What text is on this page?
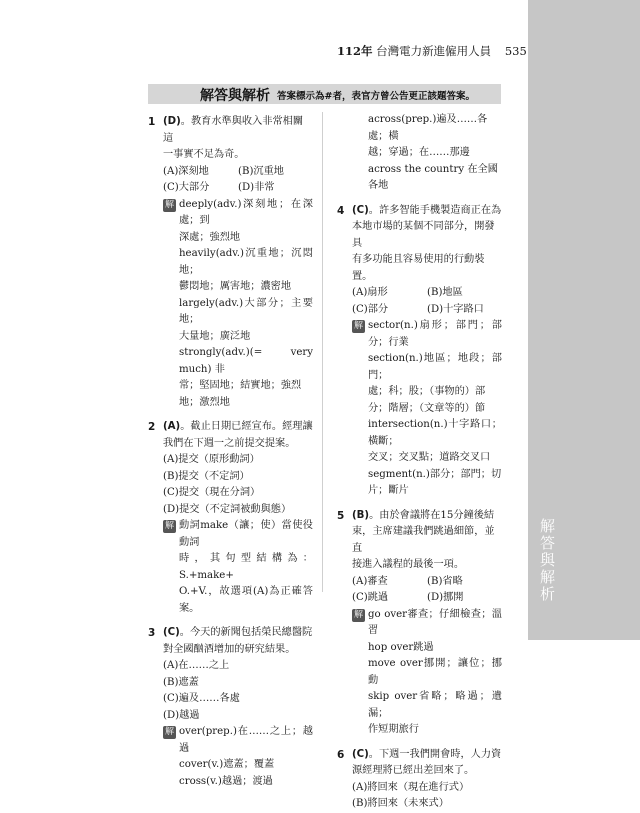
解答與解析
112年 台灣電力新進僱用人員 535
解答與解析 答案標示為#者，表官方曾公告更正該題答案。
1 (D)。教育水準與收入非常相關這
一事實不足為奇。
(A)深刻地	(B)沉重地
(C)大部分	(D)非常
解 deeply(adv.)深刻地；在深處；到
深處；強烈地
heavily(adv.)沉重地；沉悶地；
鬱悶地；厲害地；濃密地
largely(adv.)大部分；主要地；
大量地；廣泛地
strongly(adv.)(= very much) 非
常；堅固地；結實地；強烈
地；激烈地
2 (A)。截止日期已經宣布。經理讓
我們在下週一之前提交提案。
(A)提交（原形動詞）
(B)提交（不定詞）
(C)提交（現在分詞）
(D)提交（不定詞被動與態）
解 動詞make（讓；使）當使役動詞
時，其句型結構為：S.+make+
O.+V.，故選項(A)為正確答案。
3 (C)。今天的新聞包括榮民總醫院
對全國酗酒增加的研究結果。
(A)在……之上
(B)遮蓋
(C)遍及……各處
(D)越過
解 over(prep.)在……之上；越過
cover(v.)遮蓋；覆蓋
cross(v.)越過；渡過
across(prep.)遍及……各處；橫
越；穿過；在……那邊
across the country 在全國各地
4 (C)。許多智能手機製造商正在為
本地市場的某個不同部分，開發具
有多功能且容易使用的行動裝置。
(A)扇形	(B)地區
(C)部分	(D)十字路口
解 sector(n.)扇形；部門；部分；行業
section(n.)地區；地段；部門；
處；科；股；（事物的）部
分；階層；（文章等的）節
intersection(n.)十字路口；橫斷；
交叉；交叉點；道路交叉口
segment(n.)部分；部門；切
片；斷片
5 (B)。由於會議將在15分鐘後結
束，主席建議我們跳過細節，並直
接進入議程的最後一項。
(A)審查	(B)省略
(C)跳過	(D)挪開
解 go over審查；仔細檢查；溫習
hop over跳過
move over挪開；讓位；挪動
skip over省略；略過；遺漏；
作短期旅行
6 (C)。下週一我們開會時，人力資
源經理將已經出差回來了。
(A)將回來（現在進行式）
(B)將回來（未來式）
